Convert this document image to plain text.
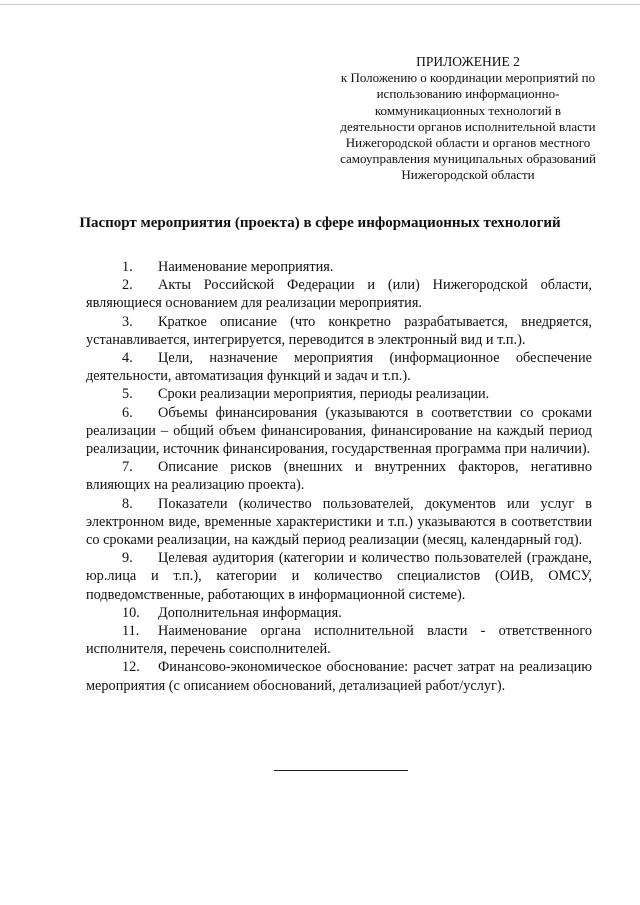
ПРИЛОЖЕНИЕ 2
к Положению о координации мероприятий по
использованию информационно-
коммуникационных технологий в
деятельности органов исполнительной власти
Нижегородской области и органов местного
самоуправления муниципальных образований
Нижегородской области
Паспорт мероприятия (проекта) в сфере информационных технологий

1. Наименование мероприятия.

2. Акты Российской Федерации и (или) Нижегородской области, являющиеся основанием для реализации мероприятия.

3. Краткое описание (что конкретно разрабатывается, внедряется, устанавливается, интегрируется, переводится в электронный вид и т.п.).

4. Цели, назначение мероприятия (информационное обеспечение деятельности, автоматизация функций и задач и т.п.).

5. Сроки реализации мероприятия, периоды реализации.

6. Объемы финансирования (указываются в соответствии со сроками реализации – общий объем финансирования, финансирование на каждый период реализации, источник финансирования, государственная программа при наличии).

7. Описание рисков (внешних и внутренних факторов, негативно влияющих на реализацию проекта).

8. Показатели (количество пользователей, документов или услуг в электронном виде, временные характеристики и т.п.) указываются в соответствии со сроками реализации, на каждый период реализации (месяц, календарный год).

9. Целевая аудитория (категории и количество пользователей (граждане, юр.лица и т.п.), категории и количество специалистов (ОИВ, ОМСУ, подведомственные, работающих в информационной системе).

10. Дополнительная информация.

11. Наименование органа исполнительной власти - ответственного исполнителя, перечень соисполнителей.

12. Финансово-экономическое обоснование: расчет затрат на реализацию мероприятия (с описанием обоснований, детализацией работ/услуг).
